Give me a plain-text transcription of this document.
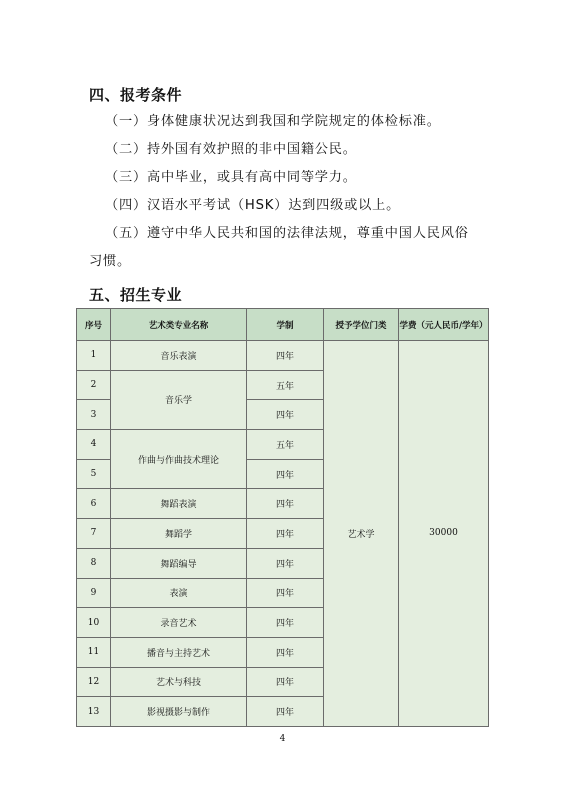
四、报考条件
（一）身体健康状况达到我国和学院规定的体检标准。
（二）持外国有效护照的非中国籍公民。
（三）高中毕业，或具有高中同等学力。
（四）汉语水平考试（HSK）达到四级或以上。
（五）遵守中华人民共和国的法律法规，尊重中国人民风俗
习惯。
五、招生专业
序号	艺术类专业名称	学制	授予学位门类	学费（元人民币/学年）
1	音乐表演	四年	艺术学	30000
2	音乐学	五年		
3		四年		
4	作曲与作曲技术理论	五年		
5		四年		
6	舞蹈表演	四年		
7	舞蹈学	四年		
8	舞蹈编导	四年		
9	表演	四年		
10	录音艺术	四年		
11	播音与主持艺术	四年		
12	艺术与科技	四年		
13	影视摄影与制作	四年		
4
